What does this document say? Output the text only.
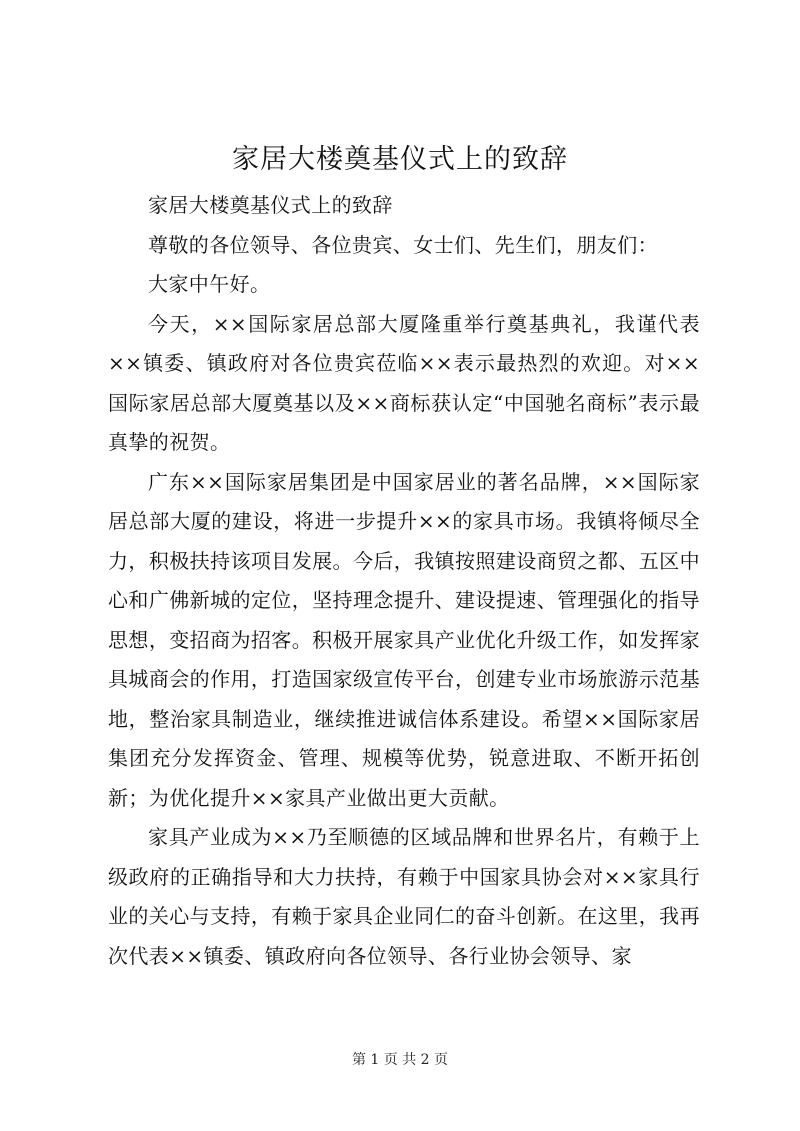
家居大楼奠基仪式上的致辞

家居大楼奠基仪式上的致辞

尊敬的各位领导、各位贵宾、女士们、先生们，朋友们：

大家中午好。

今天，××国际家居总部大厦隆重举行奠基典礼，我谨代表××镇委、镇政府对各位贵宾莅临××表示最热烈的欢迎。对××国际家居总部大厦奠基以及××商标获认定“中国驰名商标”表示最真挚的祝贺。

广东××国际家居集团是中国家居业的著名品牌，××国际家居总部大厦的建设，将进一步提升××的家具市场。我镇将倾尽全力，积极扶持该项目发展。今后，我镇按照建设商贸之都、五区中心和广佛新城的定位，坚持理念提升、建设提速、管理强化的指导思想，变招商为招客。积极开展家具产业优化升级工作，如发挥家具城商会的作用，打造国家级宣传平台，创建专业市场旅游示范基地，整治家具制造业，继续推进诚信体系建设。希望××国际家居集团充分发挥资金、管理、规模等优势，锐意进取、不断开拓创新；为优化提升××家具产业做出更大贡献。

家具产业成为××乃至顺德的区域品牌和世界名片，有赖于上级政府的正确指导和大力扶持，有赖于中国家具协会对××家具行业的关心与支持，有赖于家具企业同仁的奋斗创新。在这里，我再次代表××镇委、镇政府向各位领导、各行业协会领导、家

第 1 页 共 2 页
